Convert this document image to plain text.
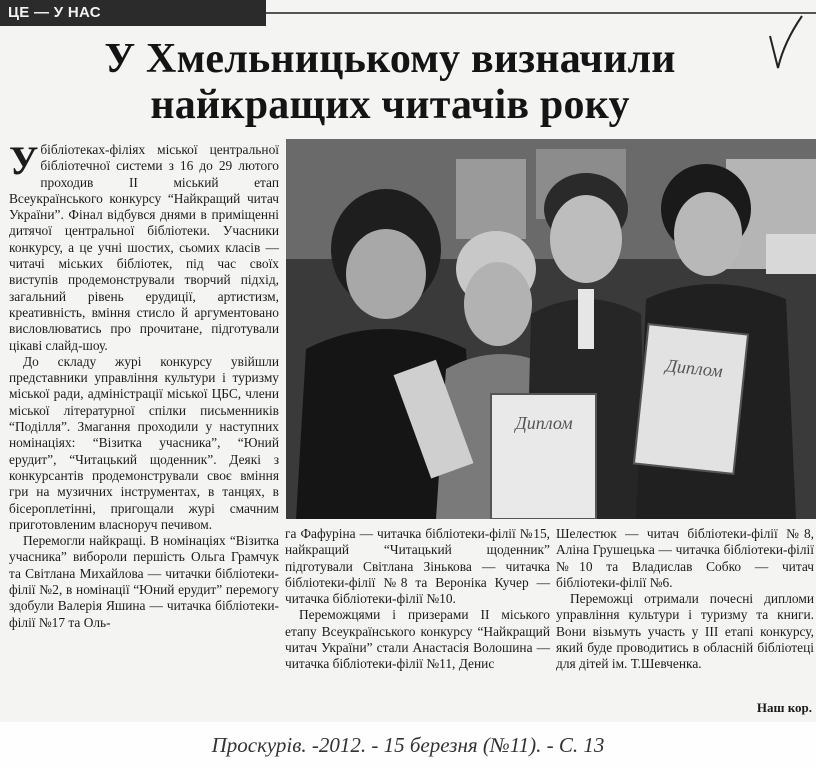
ЦЕ — У НАС
У Хмельницькому визначили
найкращих читачів року

Убібліотеках-філіях міської центральної бібліотечної системи з 16 до 29 лютого проходив II міський етап Всеукраїнського конкурсу “Найкращий читач України”. Фінал відбувся днями в приміщенні дитячої центральної бібліотеки. Учасники конкурсу, а це учні шостих, сьомих класів — читачі міських бібліотек, під час своїх виступів продемонстрували творчий підхід, загальний рівень ерудиції, артистизм, креативність, вміння стисло й аргументовано висловлюватись про прочитане, підготували цікаві слайд-шоу.

До складу журі конкурсу увійшли представники управління культури і туризму міської ради, адміністрації міської ЦБС, члени міської літературної спілки письменників “Поділля”. Змагання проходили у наступних номінаціях: “Візитка учасника”, “Юний ерудит”, “Читацький щоденник”. Деякі з конкурсантів продемонстрували своє вміння гри на музичних інструментах, в танцях, в бісероплетінні, пригощали журі смачним приготовленим власноруч печивом.

Перемогли найкращі. В номінаціях “Візитка учасника” вибороли першість Ольга Грамчук та Світлана Михайлова — читачки бібліотеки-філії №2, в номінації “Юний ерудит” перемогу здобули Валерія Яшина — читачка бібліотеки-філії №17 та Оль-

Диплом
Диплом

га Фафуріна — читачка бібліотеки-філії №15, найкращий “Читацький щоденник” підготували Світлана Зінькова — читачка бібліотеки-філії №8 та Вероніка Кучер — читачка бібліотеки-філії №10.

Переможцями і призерами II міського етапу Всеукраїнського конкурсу “Найкращий читач України” стали Анастасія Волошина — читачка бібліотеки-філії №11, Денис

Шелестюк — читач бібліотеки-філії №8, Аліна Грушецька — читачка бібліотеки-філії №10 та Владислав Собко — читач бібліотеки-філії №6.

Переможці отримали почесні дипломи управління культури і туризму та книги. Вони візьмуть участь у III етапі конкурсу, який буде проводитись в обласній бібліотеці для дітей ім. Т.Шевченка.

Наш кор.
Проскурів. -2012. - 15 березня (№11). - С. 13
